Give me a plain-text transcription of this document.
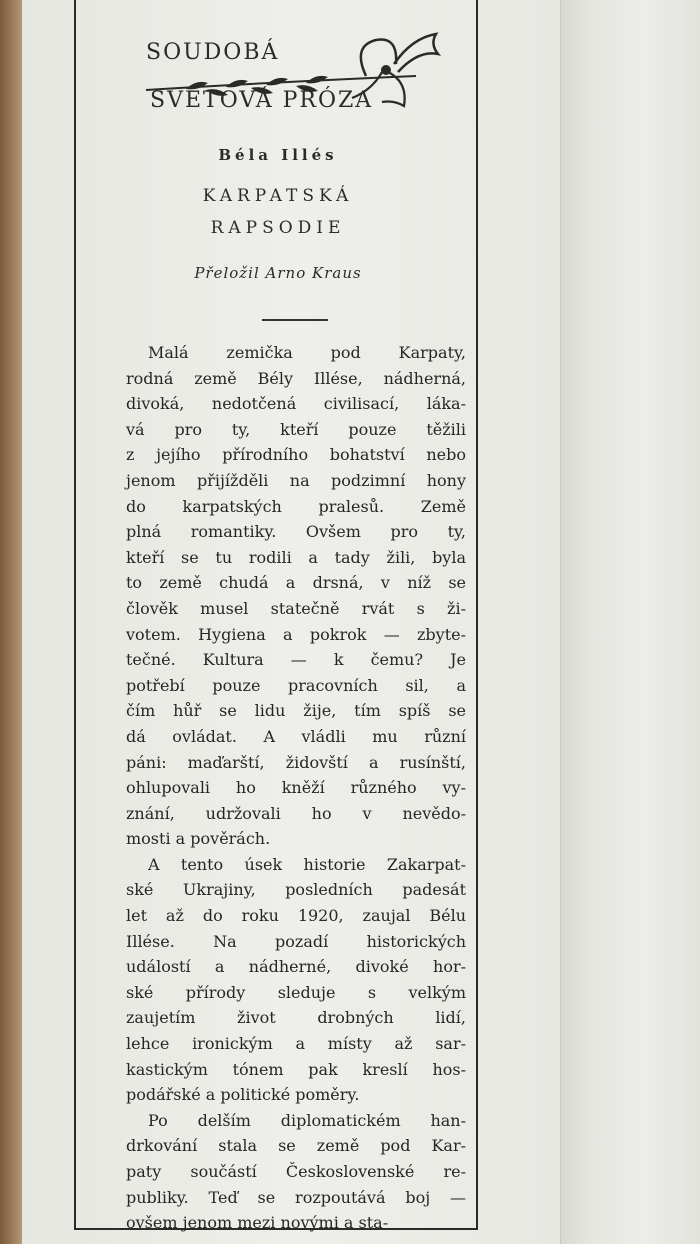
SOUDOBÁ
SVĚTOVÁ PRÓZA
Béla Illés
KARPATSKÁ
RAPSODIE
Přeložil Arno Kraus
Malá zemička pod Karpaty,
rodná země Bély Illése, nádherná,
divoká, nedotčená civilisací, láka-
vá pro ty, kteří pouze těžili
z jejího přírodního bohatství nebo
jenom přijížděli na podzimní hony
do karpatských pralesů. Země
plná romantiky. Ovšem pro ty,
kteří se tu rodili a tady žili, byla
to země chudá a drsná, v níž se
člověk musel statečně rvát s ži-
votem. Hygiena a pokrok — zbyte-
tečné. Kultura — k čemu? Je
potřebí pouze pracovních sil, a
čím hůř se lidu žije, tím spíš se
dá ovládat. A vládli mu různí
páni: maďarští, židovští a rusínští,
ohlupovali ho kněží různého vy-
znání, udržovali ho v nevědo-
mosti a pověrách.
A tento úsek historie Zakarpat-
ské Ukrajiny, posledních padesát
let až do roku 1920, zaujal Bélu
Illése. Na pozadí historických
událostí a nádherné, divoké hor-
ské přírody sleduje s velkým
zaujetím život drobných lidí,
lehce ironickým a místy až sar-
kastickým tónem pak kreslí hos-
podářské a politické poměry.
Po delším diplomatickém han-
drkování stala se země pod Kar-
paty součástí Československé re-
publiky. Teď se rozpoutává boj —
ovšem jenom mezi novými a sta-
